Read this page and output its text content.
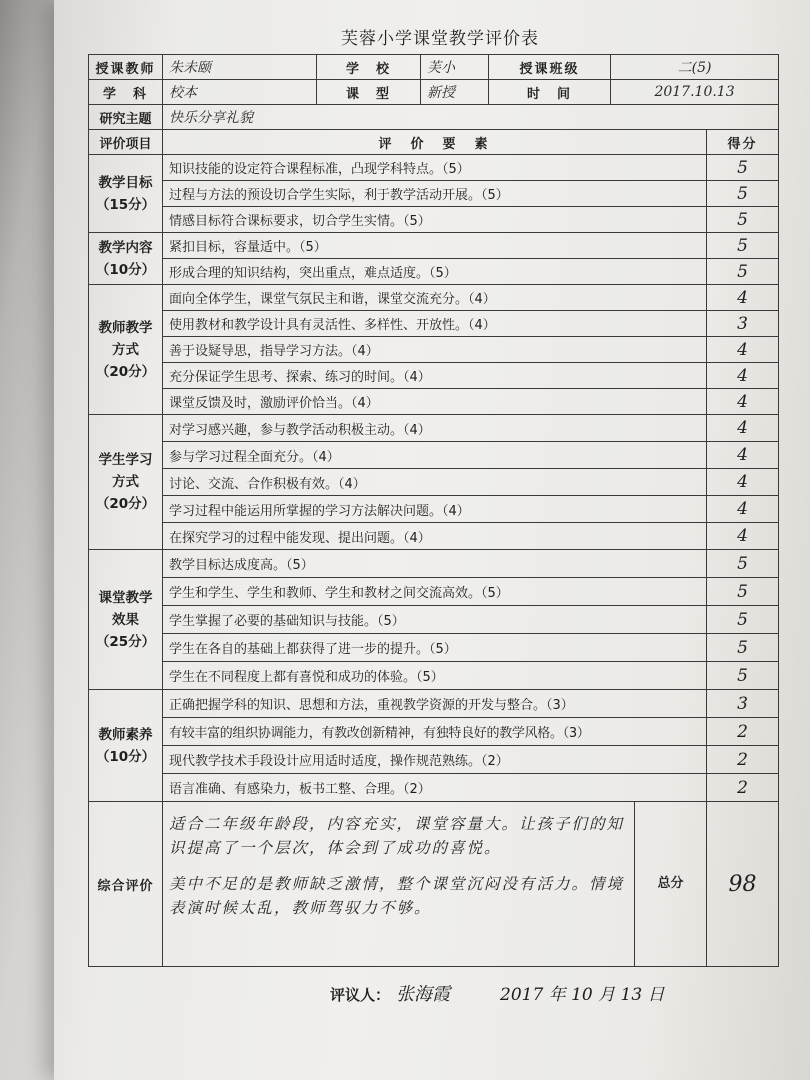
芙蓉小学课堂教学评价表
授课教师	朱未颐	学　校	芙小	授课班级	二(5)		
学　科	校本	课　型	新授	时　间	2017.10.13		
研究主题	快乐分享礼貌						
评价项目	评　价　要　素						得分
教学目标
（15分）	知识技能的设定符合课程标准，凸现学科特点。（5）						5
	过程与方法的预设切合学生实际，利于教学活动开展。（5）						5
	情感目标符合课标要求，切合学生实情。（5）						5
教学内容
（10分）	紧扣目标，容量适中。（5）						5
	形成合理的知识结构，突出重点，难点适度。（5）						5
教师教学方式
（20分）	面向全体学生，课堂气氛民主和谐，课堂交流充分。（4）						4
	使用教材和教学设计具有灵活性、多样性、开放性。（4）						3
	善于设疑导思，指导学习方法。（4）						4
	充分保证学生思考、探索、练习的时间。（4）						4
	课堂反馈及时，激励评价恰当。（4）						4
学生学习方式
（20分）	对学习感兴趣，参与教学活动积极主动。（4）						4
	参与学习过程全面充分。（4）						4
	讨论、交流、合作积极有效。（4）						4
	学习过程中能运用所掌握的学习方法解决问题。（4）						4
	在探究学习的过程中能发现、提出问题。（4）						4
课堂教学效果
（25分）	教学目标达成度高。（5）						5
	学生和学生、学生和教师、学生和教材之间交流高效。（5）						5
	学生掌握了必要的基础知识与技能。（5）						5
	学生在各自的基础上都获得了进一步的提升。（5）						5
	学生在不同程度上都有喜悦和成功的体验。（5）						5
教师素养
（10分）	正确把握学科的知识、思想和方法，重视教学资源的开发与整合。（3）						3
	有较丰富的组织协调能力，有教改创新精神，有独特良好的教学风格。（3）						2
	现代教学技术手段设计应用适时适度，操作规范熟练。（2）						2
	语言准确、有感染力，板书工整、合理。（2）						2
综合评价	适合二年级年龄段，内容充实，课堂容量大。让孩子们的知识提高了一个层次，体会到了成功的喜悦。

美中不足的是教师缺乏激情，整个课堂沉闷没有活力。情境表演时候太乱，教师驾驭力不够。					总分	98
评议人： 张海霞	2017 年 10 月 13 日
